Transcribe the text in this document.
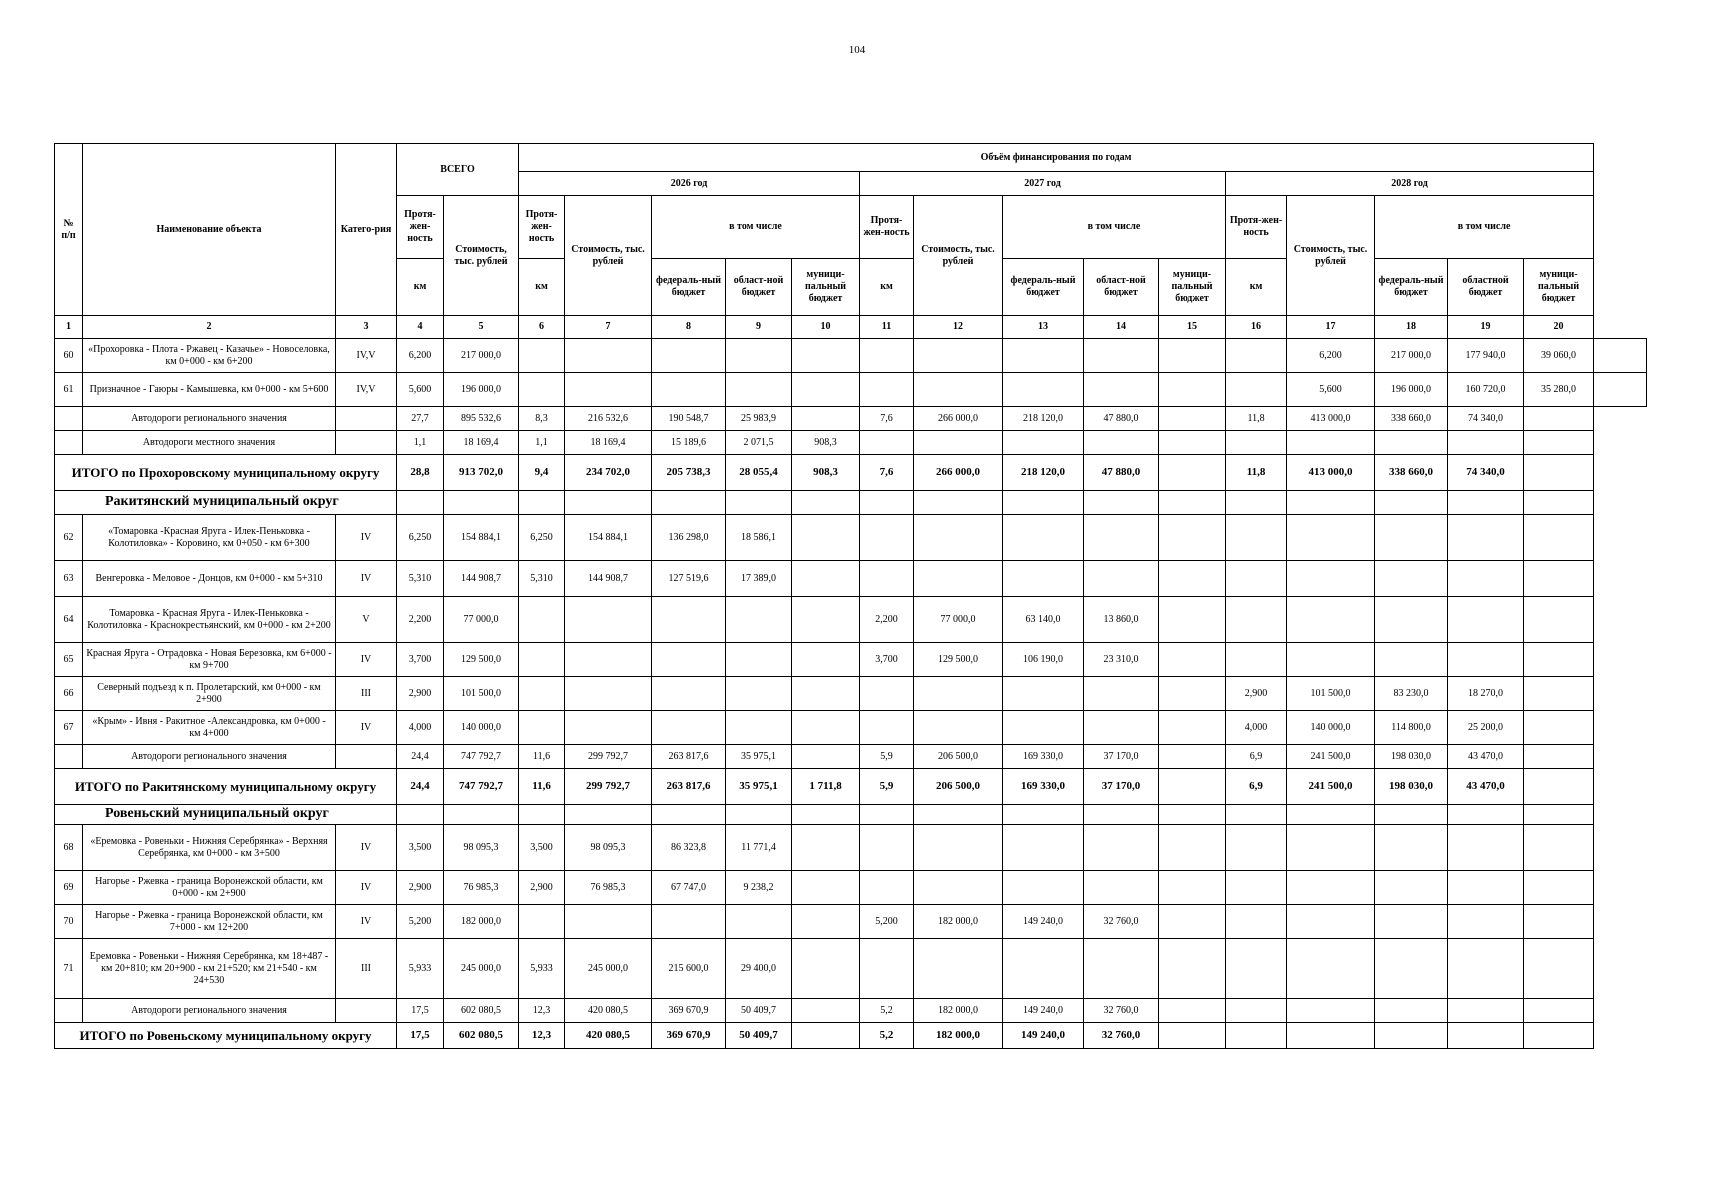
104
№ п/п	Наименование объекта	Катего-рия	ВСЕГО		Объём финансирования по годам															
					2026 год					2027 год					2028 год					
			Протя-жен-ность	Стоимость, тыс. рублей	Протя-жен-ность	Стоимость, тыс. рублей	в том числе			Протя-жен-ность	Стоимость, тыс. рублей	в том числе			Протя-жен-ность	Стоимость, тыс. рублей	в том числе			
			км		км		федераль-ный бюджет	област-ной бюджет	муници-пальный бюджет	км		федераль-ный бюджет	област-ной бюджет	муници-пальный бюджет	км		федераль-ный бюджет	областной бюджет	муници-пальный бюджет	
1	2	3	4	5	6	7	8	9	10	11	12	13	14	15	16	17	18	19	20	
60	«Прохоровка - Плота - Ржавец - Казачье» - Новоселовка, км 0+000 - км 6+200	IV,V	6,200	217 000,0												6,200	217 000,0	177 940,0	39 060,0	
61	Призначное - Гаюры - Камышевка, км 0+000 - км 5+600	IV,V	5,600	196 000,0												5,600	196 000,0	160 720,0	35 280,0	
	Автодороги регионального значения		27,7	895 532,6	8,3	216 532,6	190 548,7	25 983,9		7,6	266 000,0	218 120,0	47 880,0		11,8	413 000,0	338 660,0	74 340,0		
	Автодороги местного значения		1,1	18 169,4	1,1	18 169,4	15 189,6	2 071,5	908,3											
ИТОГО по Прохоровскому муниципальному округу			28,8	913 702,0	9,4	234 702,0	205 738,3	28 055,4	908,3	7,6	266 000,0	218 120,0	47 880,0		11,8	413 000,0	338 660,0	74 340,0		
Ракитянский муниципальный округ																				
62	«Томаровка -Красная Яруга - Илек-Пеньковка - Колотиловка» - Коровино, км 0+050 - км 6+300	IV	6,250	154 884,1	6,250	154 884,1	136 298,0	18 586,1												
63	Венгеровка - Меловое - Донцов, км 0+000 - км 5+310	IV	5,310	144 908,7	5,310	144 908,7	127 519,6	17 389,0												
64	Томаровка - Красная Яруга - Илек-Пеньковка - Колотиловка - Краснокрестьянский, км 0+000 - км 2+200	V	2,200	77 000,0						2,200	77 000,0	63 140,0	13 860,0							
65	Красная Яруга - Отрадовка - Новая Березовка, км 6+000 - км 9+700	IV	3,700	129 500,0						3,700	129 500,0	106 190,0	23 310,0							
66	Северный подъезд к п. Пролетарский, км 0+000 - км 2+900	III	2,900	101 500,0											2,900	101 500,0	83 230,0	18 270,0		
67	«Крым» - Ивня - Ракитное -Александровка, км 0+000 - км 4+000	IV	4,000	140 000,0											4,000	140 000,0	114 800,0	25 200,0		
	Автодороги регионального значения		24,4	747 792,7	11,6	299 792,7	263 817,6	35 975,1		5,9	206 500,0	169 330,0	37 170,0		6,9	241 500,0	198 030,0	43 470,0		
ИТОГО по Ракитянскому муниципальному округу			24,4	747 792,7	11,6	299 792,7	263 817,6	35 975,1	1 711,8	5,9	206 500,0	169 330,0	37 170,0		6,9	241 500,0	198 030,0	43 470,0		
Ровеньский муниципальный округ																				
68	«Еремовка - Ровеньки - Нижняя Серебрянка» - Верхняя Серебрянка, км 0+000 - км 3+500	IV	3,500	98 095,3	3,500	98 095,3	86 323,8	11 771,4												
69	Нагорье - Ржевка - граница Воронежской области, км 0+000 - км 2+900	IV	2,900	76 985,3	2,900	76 985,3	67 747,0	9 238,2												
70	Нагорье - Ржевка - граница Воронежской области, км 7+000 - км 12+200	IV	5,200	182 000,0						5,200	182 000,0	149 240,0	32 760,0							
71	Еремовка - Ровеньки - Нижняя Серебрянка, км 18+487 - км 20+810; км 20+900 - км 21+520; км 21+540 - км 24+530	III	5,933	245 000,0	5,933	245 000,0	215 600,0	29 400,0												
	Автодороги регионального значения		17,5	602 080,5	12,3	420 080,5	369 670,9	50 409,7		5,2	182 000,0	149 240,0	32 760,0							
ИТОГО по Ровеньскому муниципальному округу			17,5	602 080,5	12,3	420 080,5	369 670,9	50 409,7		5,2	182 000,0	149 240,0	32 760,0							
